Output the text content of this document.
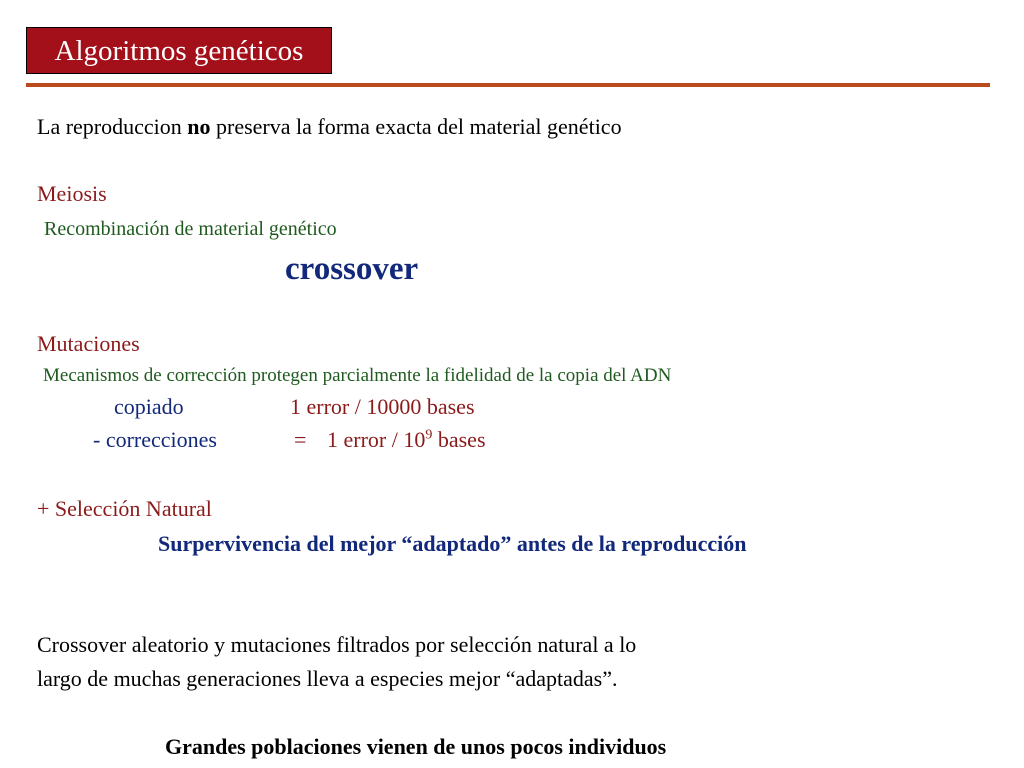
Algoritmos genéticos
La reproduccion no preserva la forma exacta del material genético
Meiosis
Recombinación de material genético
crossover
Mutaciones
Mecanismos de corrección protegen parcialmente la fidelidad de la copia del ADN
copiado	1 error / 10000 bases
- correcciones	= 1 error / $10^9$ bases
+ Selección Natural
Surpervivencia del mejor “adaptado” antes de la reproducción
Crossover aleatorio y mutaciones filtrados por selección natural a lo
largo de muchas generaciones lleva a especies mejor “adaptadas”.
Grandes poblaciones vienen de unos pocos individuos
